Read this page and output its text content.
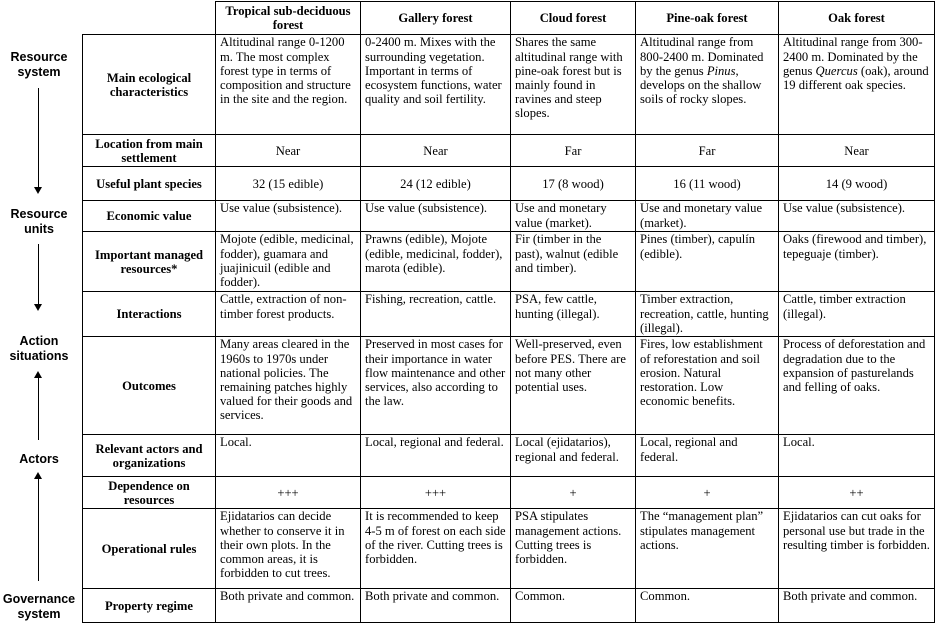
Resource system
Resource units
Action situations
Actors
Governance system
	Tropical sub-deciduous forest	Gallery forest	Cloud forest	Pine-oak forest	Oak forest
Main ecological characteristics	Altitudinal range 0-1200 m. The most complex forest type in terms of composition and structure in the site and the region.	0-2400 m. Mixes with the surrounding vegetation. Important in terms of ecosystem functions, water quality and soil fertility.	Shares the same altitudinal range with pine-oak forest but is mainly found in ravines and steep slopes.	Altitudinal range from 800-2400 m. Dominated by the genus Pinus, develops on the shallow soils of rocky slopes.	Altitudinal range from 300-2400 m. Dominated by the genus Quercus (oak), around 19 different oak species.
Location from main settlement	Near	Near	Far	Far	Near
Useful plant species	32 (15 edible)	24 (12 edible)	17 (8 wood)	16 (11 wood)	14 (9 wood)
Economic value	Use value (subsistence).	Use value (subsistence).	Use and monetary value (market).	Use and monetary value (market).	Use value (subsistence).
Important managed resources*	Mojote (edible, medicinal, fodder), guamara and juajinicuil (edible and fodder).	Prawns (edible), Mojote (edible, medicinal, fodder), marota (edible).	Fir (timber in the past), walnut (edible and timber).	Pines (timber), capulín (edible).	Oaks (firewood and timber), tepeguaje (timber).
Interactions	Cattle, extraction of non-timber forest products.	Fishing, recreation, cattle.	PSA, few cattle, hunting (illegal).	Timber extraction, recreation, cattle, hunting (illegal).	Cattle, timber extraction (illegal).
Outcomes	Many areas cleared in the 1960s to 1970s under national policies. The remaining patches highly valued for their goods and services.	Preserved in most cases for their importance in water flow maintenance and other services, also according to the law.	Well-preserved, even before PES. There are not many other potential uses.	Fires, low establishment of reforestation and soil erosion. Natural restoration. Low economic benefits.	Process of deforestation and degradation due to the expansion of pasturelands and felling of oaks.
Relevant actors and organizations	Local.	Local, regional and federal.	Local (ejidatarios), regional and federal.	Local, regional and federal.	Local.
Dependence on resources	+++	+++	+	+	++
Operational rules	Ejidatarios can decide whether to conserve it in their own plots. In the common areas, it is forbidden to cut trees.	It is recommended to keep 4-5 m of forest on each side of the river. Cutting trees is forbidden.	PSA stipulates management actions. Cutting trees is forbidden.	The “management plan” stipulates management actions.	Ejidatarios can cut oaks for personal use but trade in the resulting timber is forbidden.
Property regime	Both private and common.	Both private and common.	Common.	Common.	Both private and common.
